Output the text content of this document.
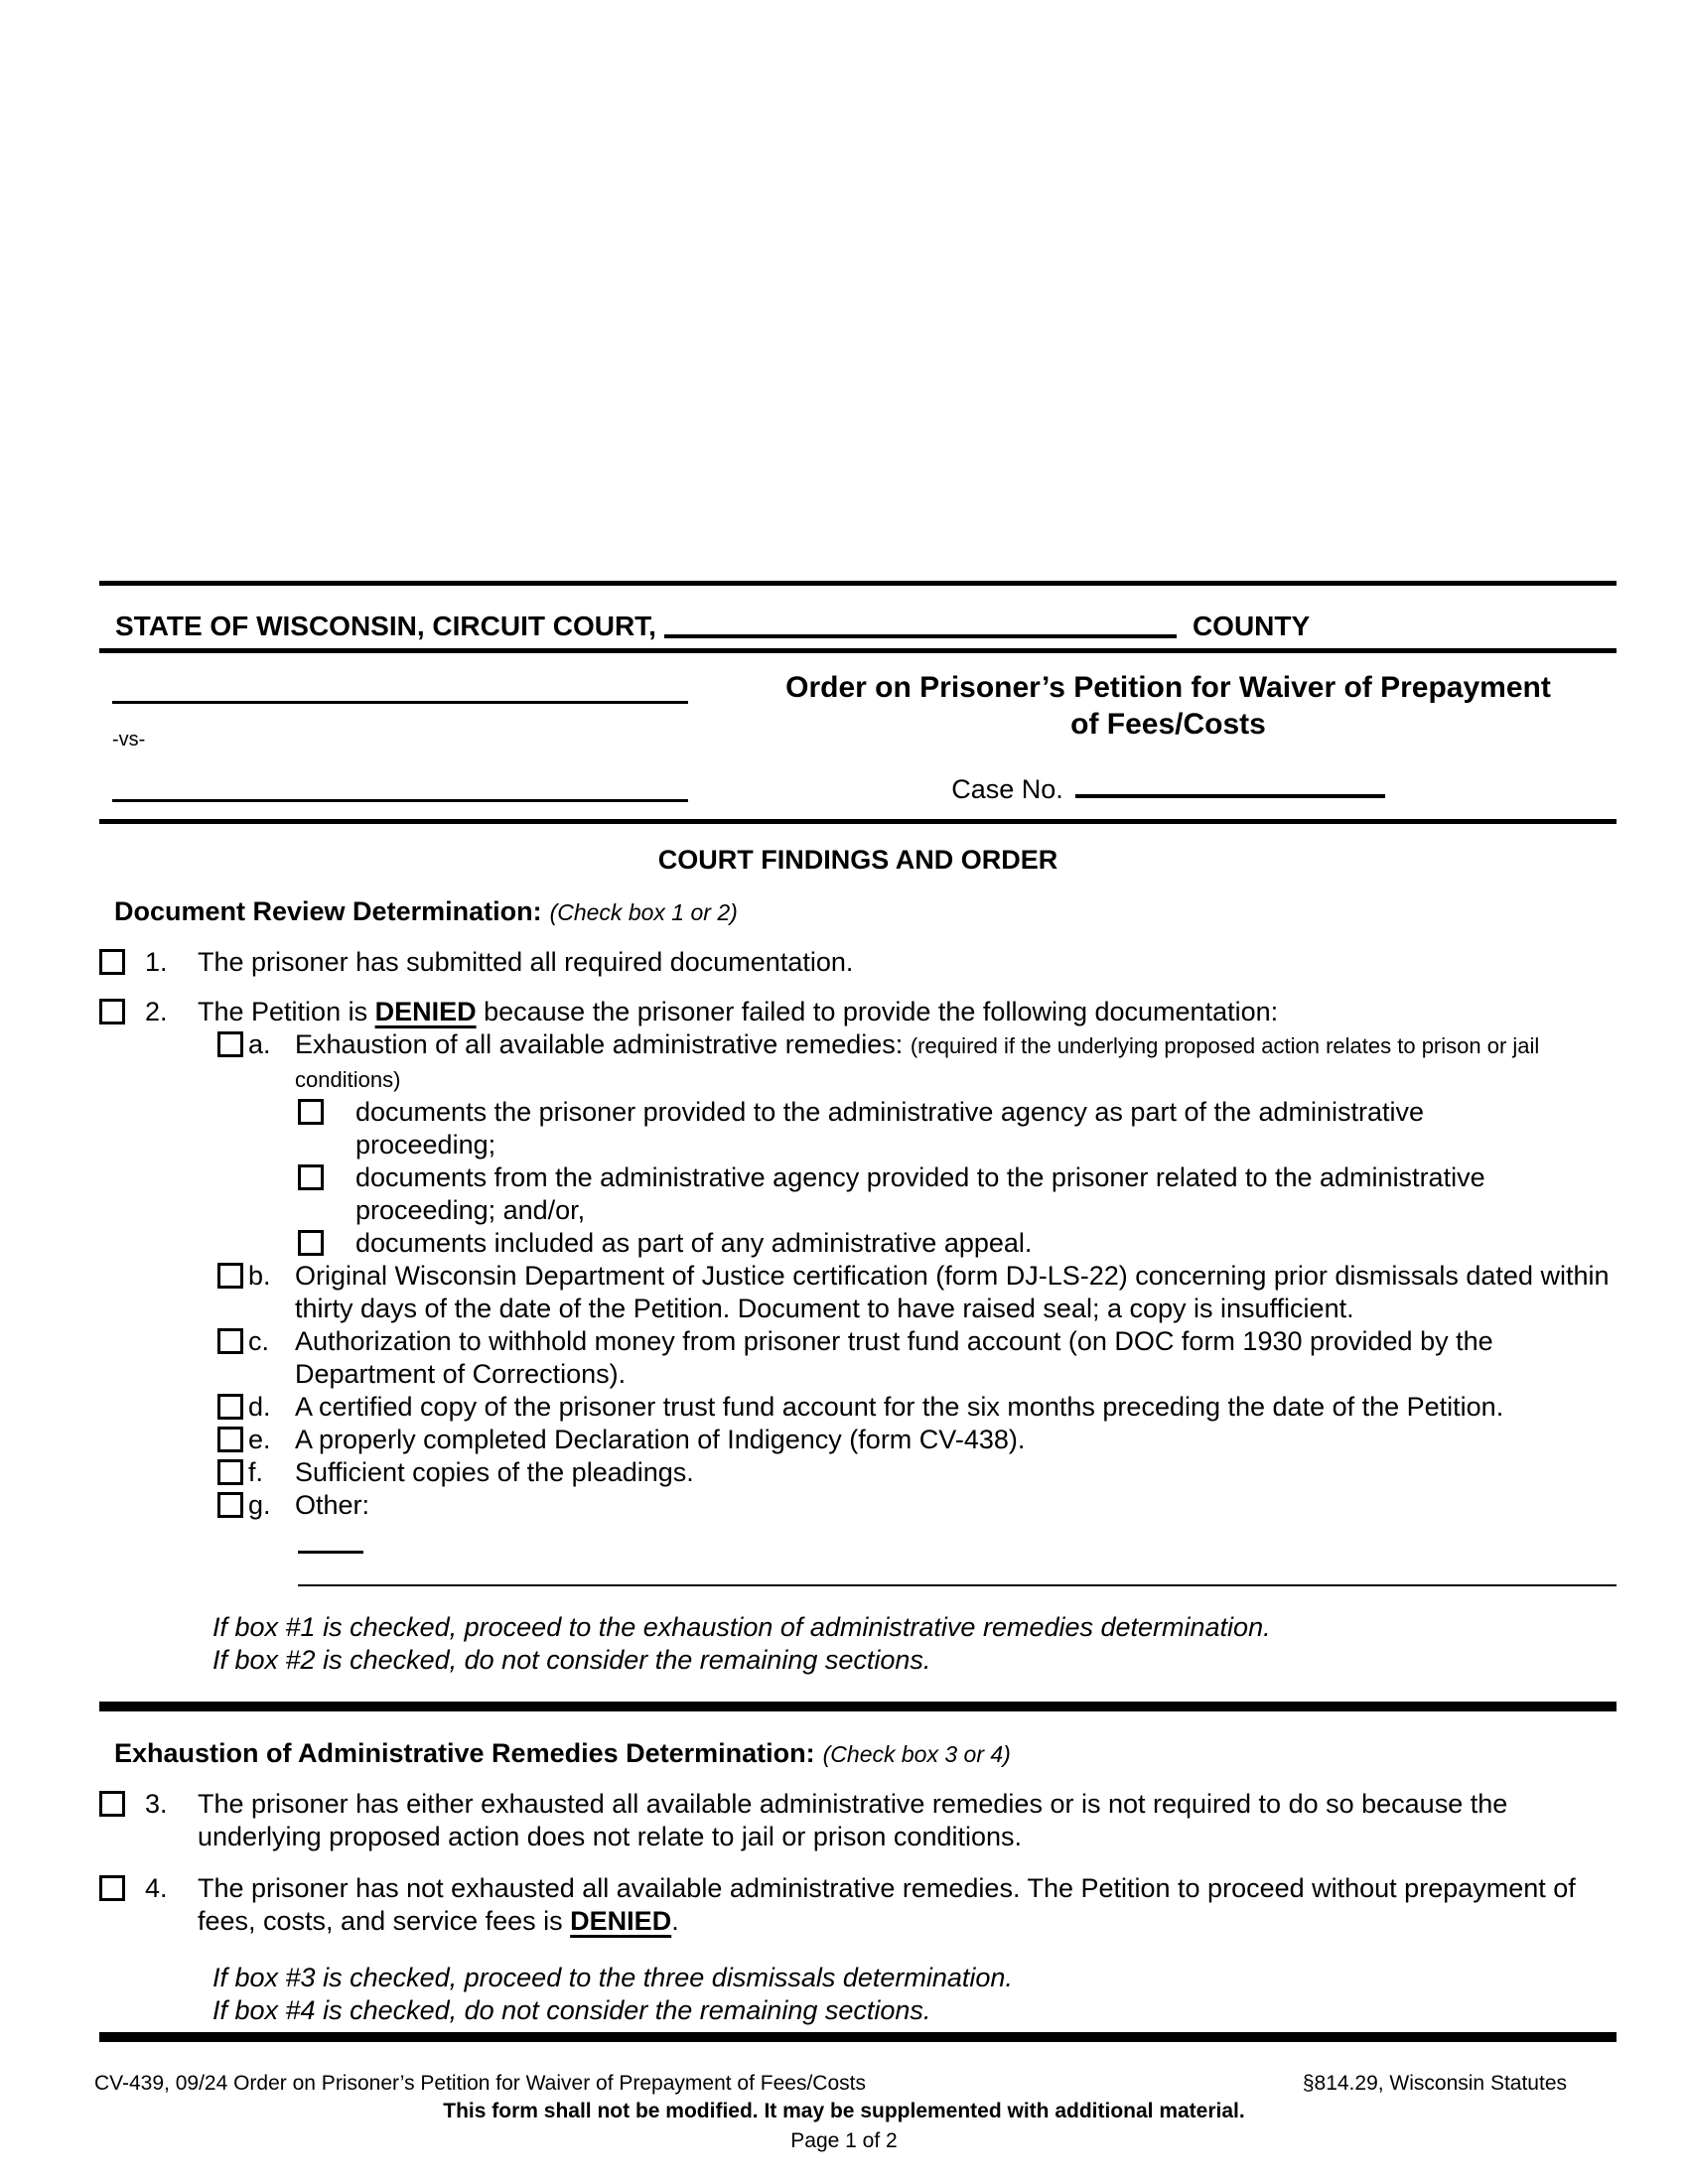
STATE OF WISCONSIN, CIRCUIT COURT,	COUNTY
-vs-
Order on Prisoner’s Petition for Waiver of Prepayment
of Fees/Costs
Case No.
COURT FINDINGS AND ORDER
Document Review Determination: (Check box 1 or 2)
1.	The prisoner has submitted all required documentation.
2.	The Petition is DENIED because the prisoner failed to provide the following documentation:
a. Exhaustion of all available administrative remedies: (required if the underlying proposed action relates to prison or jail conditions)
documents the prisoner provided to the administrative agency as part of the administrative proceeding;
documents from the administrative agency provided to the prisoner related to the administrative proceeding; and/or,
documents included as part of any administrative appeal.
b. Original Wisconsin Department of Justice certification (form DJ-LS-22) concerning prior dismissals dated within thirty days of the date of the Petition. Document to have raised seal; a copy is insufficient.
c. Authorization to withhold money from prisoner trust fund account (on DOC form 1930 provided by the Department of Corrections).
d. A certified copy of the prisoner trust fund account for the six months preceding the date of the Petition.
e. A properly completed Declaration of Indigency (form CV-438).
f.	Sufficient copies of the pleadings.
g. Other:
If box #1 is checked, proceed to the exhaustion of administrative remedies determination.
If box #2 is checked, do not consider the remaining sections.
Exhaustion of Administrative Remedies Determination: (Check box 3 or 4)
3.	The prisoner has either exhausted all available administrative remedies or is not required to do so because the underlying proposed action does not relate to jail or prison conditions.
4.	The prisoner has not exhausted all available administrative remedies. The Petition to proceed without prepayment of fees, costs, and service fees is DENIED.
If box #3 is checked, proceed to the three dismissals determination.
If box #4 is checked, do not consider the remaining sections.
CV-439, 09/24 Order on Prisoner’s Petition for Waiver of Prepayment of Fees/Costs	§814.29, Wisconsin Statutes
This form shall not be modified. It may be supplemented with additional material.
Page 1 of 2
